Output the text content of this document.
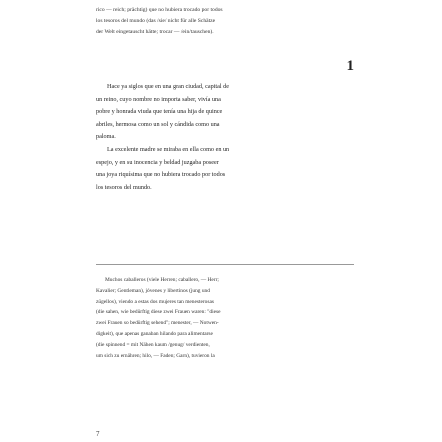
rico — reich; prächtig) que no hubiera trocado por todos
los tesoros del mundo (das /sie/ nicht für alle Schätze
der Welt eingetauscht hätte; trocar — /ein/tauschen).
1
Hace ya siglos que en una gran ciudad, capital de
un reino, cuyo nombre no importa saber, vivía una
pobre y honrada viuda que tenía una hija de quince
abriles, hermosa como un sol y cándida como una
paloma.
La excelente madre se miraba en ella como en un
espejo, y en su inocencia y beldad juzgaba poseer
una joya riquísima que no hubiera trocado por todos
los tesoros del mundo.
Muchos caballeros (viele Herren; caballero, — Herr;
Kavalier; Gentleman), jóvenes y libertinos (jung und
zügellos), viendo a estas dos mujeres tan menesterosas
(die sahen, wie bedürftig diese zwei Frauen waren: "diese
zwei Frauen so bedürftig sehend"; menester, — Notwen-
digkeit), que apenas ganaban hilando para alimentarse
(die spinnend = mit Nähen kaum /genug/ verdienten,
um sich zu ernähren; hilo, — Faden; Garn), tuvieron la
7
